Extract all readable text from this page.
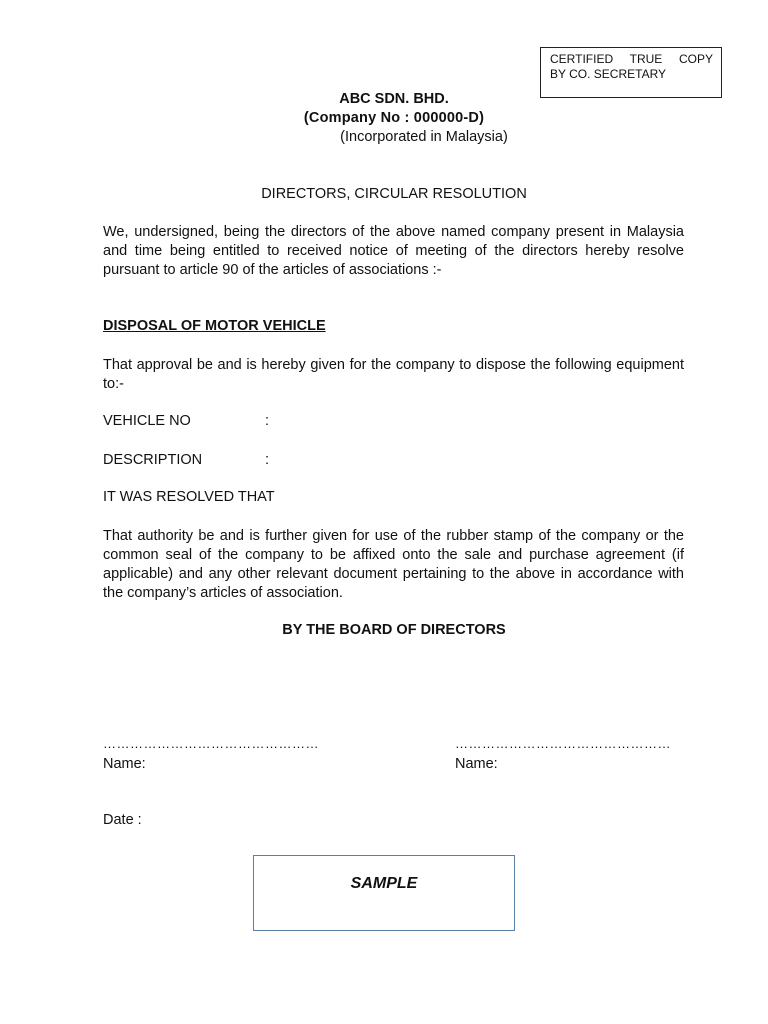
CERTIFIED TRUE COPY
BY CO. SECRETARY
ABC SDN. BHD.
(Company No : 000000-D)
(Incorporated in Malaysia)
DIRECTORS, CIRCULAR RESOLUTION
We, undersigned, being the directors of the above named company present in Malaysia and time being entitled to received notice of meeting of the directors hereby resolve pursuant to article 90 of the articles of associations :-
DISPOSAL OF MOTOR VEHICLE
That approval be and is hereby given for the company to dispose the following equipment to:-
VEHICLE NO	:
DESCRIPTION	:
IT WAS RESOLVED THAT
That authority be and is further given for use of the rubber stamp of the company or the common seal of the company to be affixed onto the sale and purchase agreement (if applicable) and any other relevant document pertaining to the above in accordance with the company’s articles of association.
BY THE BOARD OF DIRECTORS
…………………………………………	…………………………………………
Name:	Name:
Date :
SAMPLE
